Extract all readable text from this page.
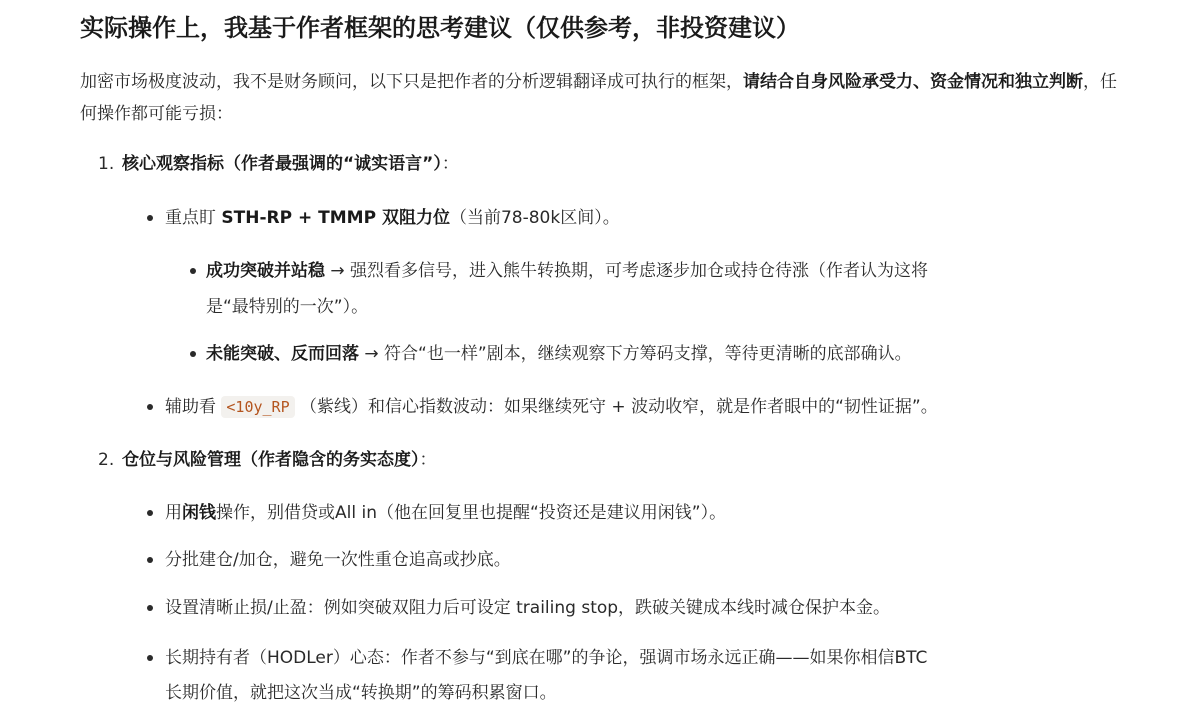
实际操作上，我基于作者框架的思考建议（仅供参考，非投资建议）
加密市场极度波动，我不是财务顾问，以下只是把作者的分析逻辑翻译成可执行的框架，请结合自身风险承受力、资金情况和独立判断，任何操作都可能亏损：
1. 核心观察指标（作者最强调的“诚实语言”）：
重点盯 STH-RP + TMMP 双阻力位（当前78-80k区间）。
成功突破并站稳 → 强烈看多信号，进入熊牛转换期，可考虑逐步加仓或持仓待涨（作者认为这将
是“最特别的一次”）。
未能突破、反而回落 → 符合“也一样”剧本，继续观察下方筹码支撑，等待更清晰的底部确认。
辅助看 <10y_RP （紫线）和信心指数波动：如果继续死守 + 波动收窄，就是作者眼中的“韧性证据”。
2. 仓位与风险管理（作者隐含的务实态度）：
用闲钱操作，别借贷或All in（他在回复里也提醒“投资还是建议用闲钱”）。
分批建仓/加仓，避免一次性重仓追高或抄底。
设置清晰止损/止盈：例如突破双阻力后可设定 trailing stop，跌破关键成本线时减仓保护本金。
长期持有者（HODLer）心态：作者不参与“到底在哪”的争论，强调市场永远正确——如果你相信BTC
长期价值，就把这次当成“转换期”的筹码积累窗口。
